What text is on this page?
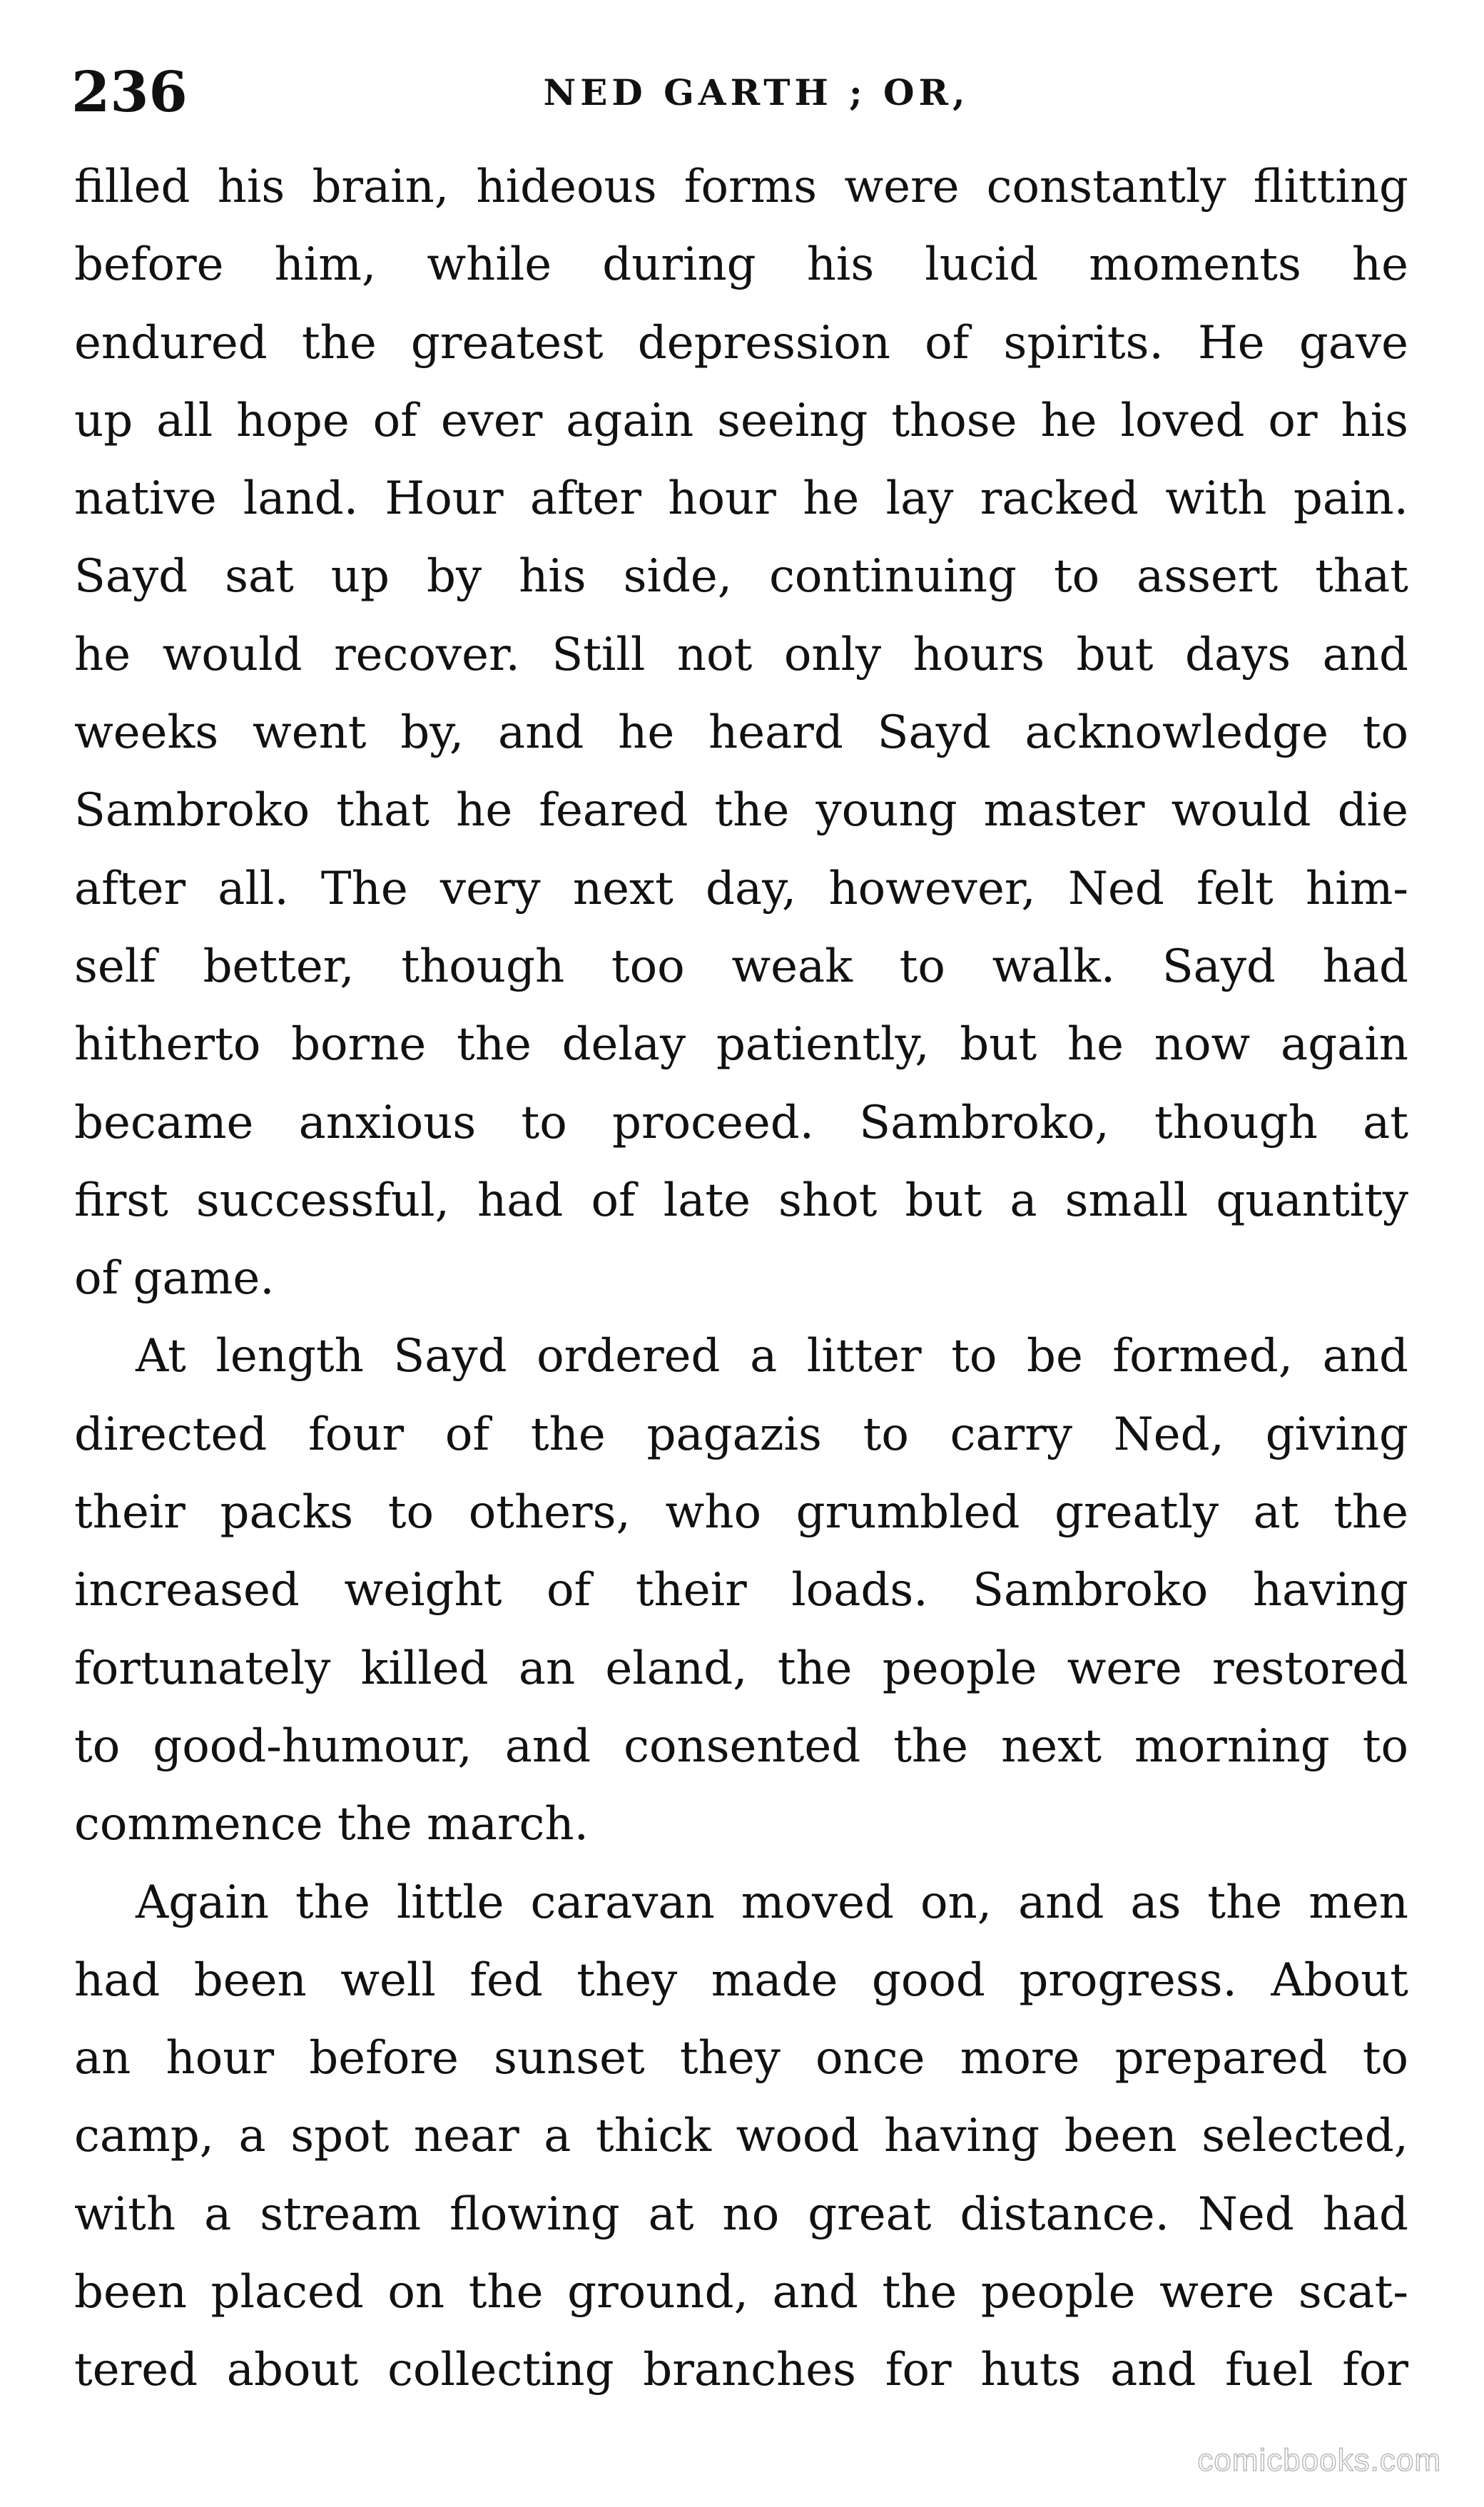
236	NED GARTH ; OR,
filled his brain, hideous forms were constantly flitting
before him, while during his lucid moments he
endured the greatest depression of spirits. He gave
up all hope of ever again seeing those he loved or his
native land. Hour after hour he lay racked with pain.
Sayd sat up by his side, continuing to assert that
he would recover. Still not only hours but days and
weeks went by, and he heard Sayd acknowledge to
Sambroko that he feared the young master would die
after all. The very next day, however, Ned felt him-
self better, though too weak to walk. Sayd had
hitherto borne the delay patiently, but he now again
became anxious to proceed. Sambroko, though at
first successful, had of late shot but a small quantity
of game.
At length Sayd ordered a litter to be formed, and
directed four of the pagazis to carry Ned, giving
their packs to others, who grumbled greatly at the
increased weight of their loads. Sambroko having
fortunately killed an eland, the people were restored
to good-humour, and consented the next morning to
commence the march.
Again the little caravan moved on, and as the men
had been well fed they made good progress. About
an hour before sunset they once more prepared to
camp, a spot near a thick wood having been selected,
with a stream flowing at no great distance. Ned had
been placed on the ground, and the people were scat-
tered about collecting branches for huts and fuel for
comicbooks.com
